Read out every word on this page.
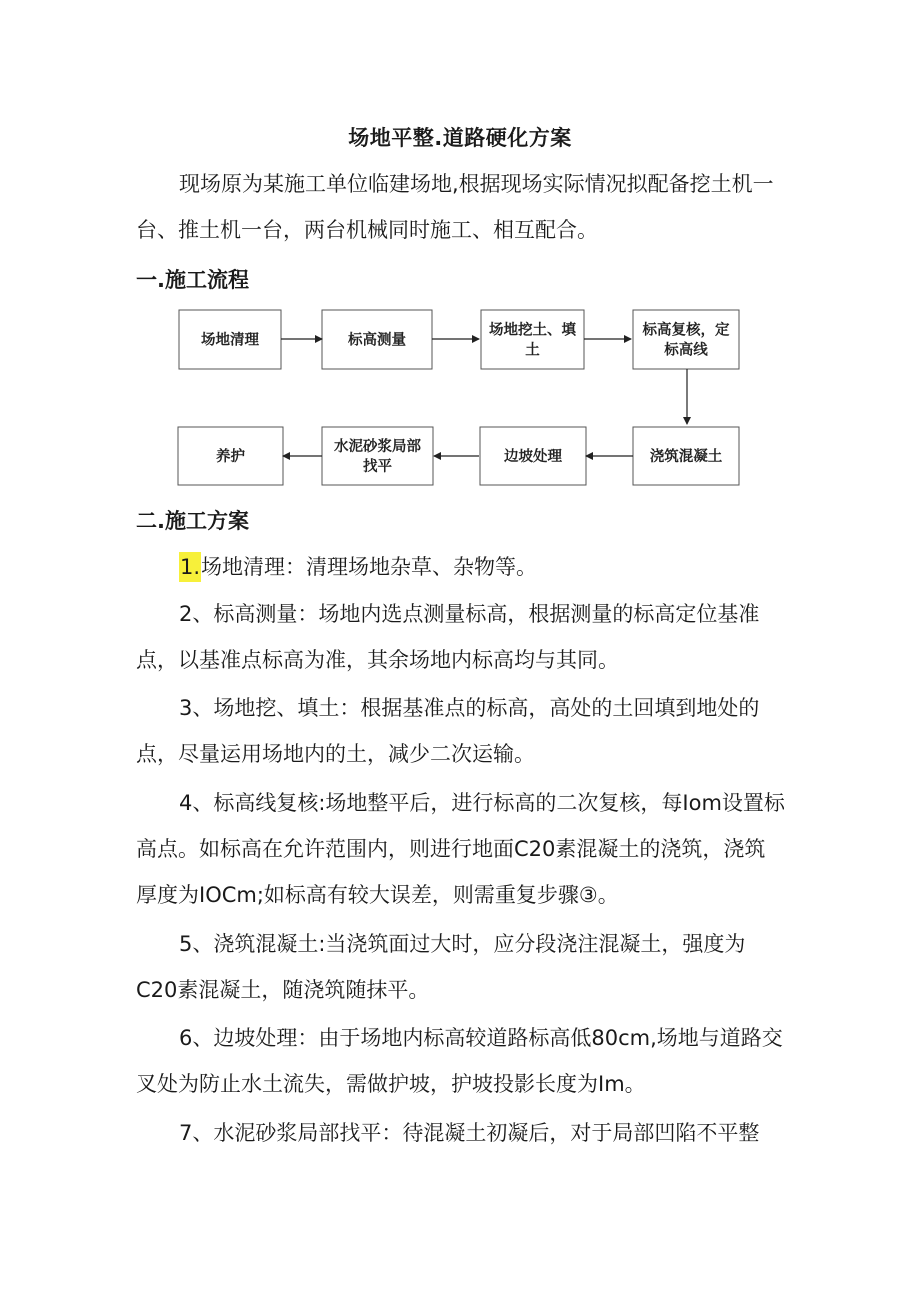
场地平整.道路硬化方案

现场原为某施工单位临建场地,根据现场实际情况拟配备挖土机一台、推土机一台，两台机械同时施工、相互配合。

一.施工流程
场地清理	标高测量
场地挖土、填
土
标高复核，定
标高线
养护
水泥砂浆局部
找平
边坡处理	浇筑混凝土
二.施工方案

1.场地清理：清理场地杂草、杂物等。

2、标高测量：场地内选点测量标高，根据测量的标高定位基准点，以基准点标高为准，其余场地内标高均与其同。

3、场地挖、填土：根据基准点的标高，高处的土回填到地处的点，尽量运用场地内的土，减少二次运输。

4、标高线复核:场地整平后，进行标高的二次复核，每Iom设置标高点。如标高在允许范围内，则进行地面C20素混凝土的浇筑，浇筑厚度为IOCm;如标高有较大误差，则需重复步骤③。

5、浇筑混凝土:当浇筑面过大时，应分段浇注混凝土，强度为C20素混凝土，随浇筑随抹平。

6、边坡处理：由于场地内标高较道路标高低80cm,场地与道路交叉处为防止水土流失，需做护坡，护坡投影长度为Im。

7、水泥砂浆局部找平：待混凝土初凝后，对于局部凹陷不平整
